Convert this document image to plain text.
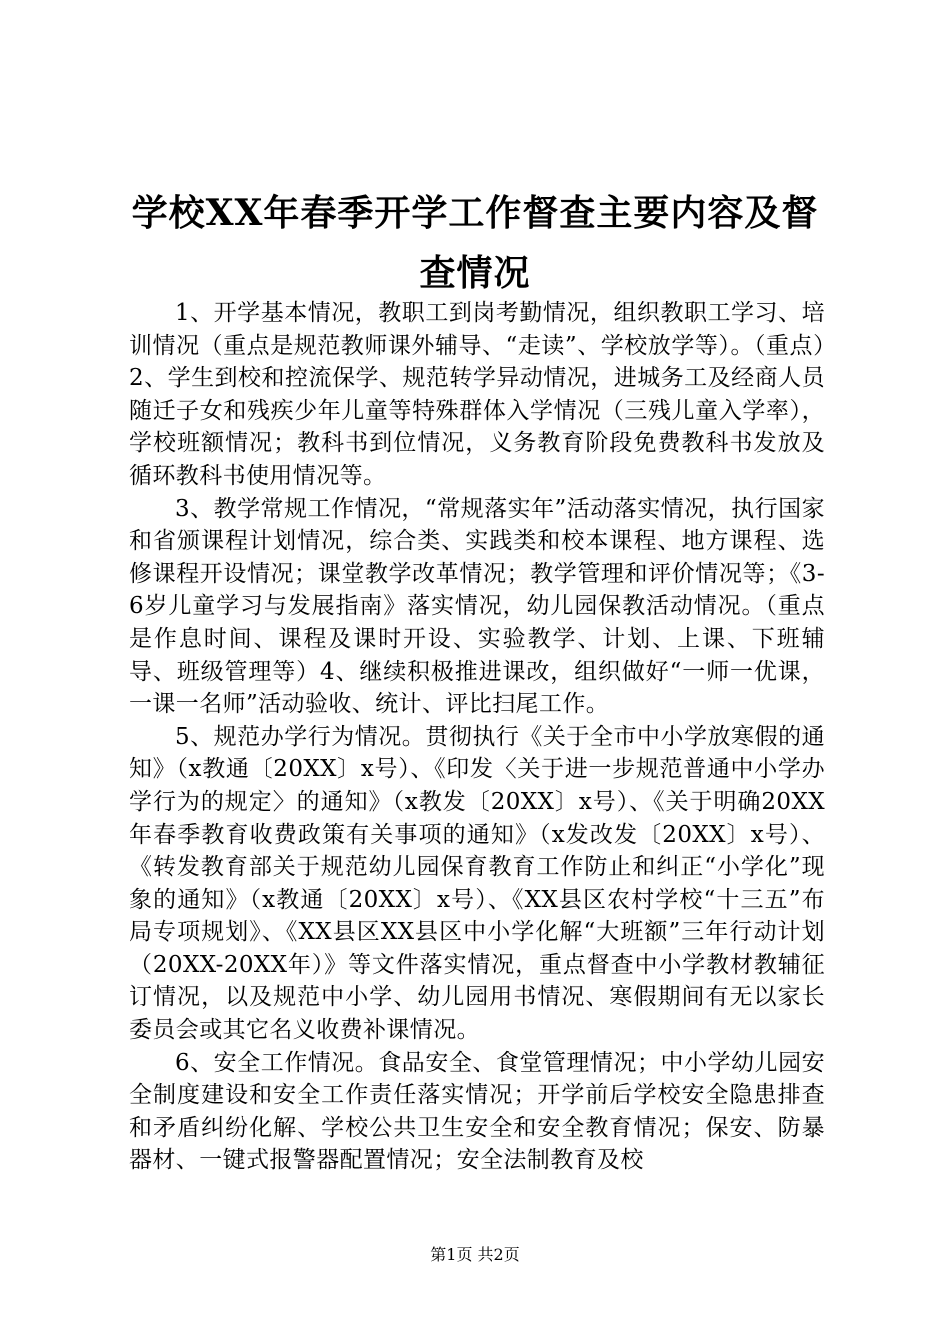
学校XX年春季开学工作督查主要内容及督查情况

1、开学基本情况，教职工到岗考勤情况，组织教职工学习、培训情况（重点是规范教师课外辅导、“走读”、学校放学等）。（重点）2、学生到校和控流保学、规范转学异动情况，进城务工及经商人员随迁子女和残疾少年儿童等特殊群体入学情况（三残儿童入学率），学校班额情况；教科书到位情况，义务教育阶段免费教科书发放及循环教科书使用情况等。

3、教学常规工作情况，“常规落实年”活动落实情况，执行国家和省颁课程计划情况，综合类、实践类和校本课程、地方课程、选修课程开设情况；课堂教学改革情况；教学管理和评价情况等；《3-6岁儿童学习与发展指南》落实情况，幼儿园保教活动情况。（重点是作息时间、课程及课时开设、实验教学、计划、上课、下班辅导、班级管理等）4、继续积极推进课改，组织做好“一师一优课，一课一名师”活动验收、统计、评比扫尾工作。

5、规范办学行为情况。贯彻执行《关于全市中小学放寒假的通知》（x教通〔20XX〕x号）、《印发〈关于进一步规范普通中小学办学行为的规定〉的通知》（x教发〔20XX〕x号）、《关于明确20XX年春季教育收费政策有关事项的通知》（x发改发〔20XX〕x号）、《转发教育部关于规范幼儿园保育教育工作防止和纠正“小学化”现象的通知》（x教通〔20XX〕x号）、《XX县区农村学校“十三五”布局专项规划》、《XX县区XX县区中小学化解“大班额”三年行动计划（20XX-20XX年）》等文件落实情况，重点督查中小学教材教辅征订情况，以及规范中小学、幼儿园用书情况、寒假期间有无以家长委员会或其它名义收费补课情况。

6、安全工作情况。食品安全、食堂管理情况；中小学幼儿园安全制度建设和安全工作责任落实情况；开学前后学校安全隐患排查和矛盾纠纷化解、学校公共卫生安全和安全教育情况；保安、防暴器材、一键式报警器配置情况；安全法制教育及校

第1页 共2页
